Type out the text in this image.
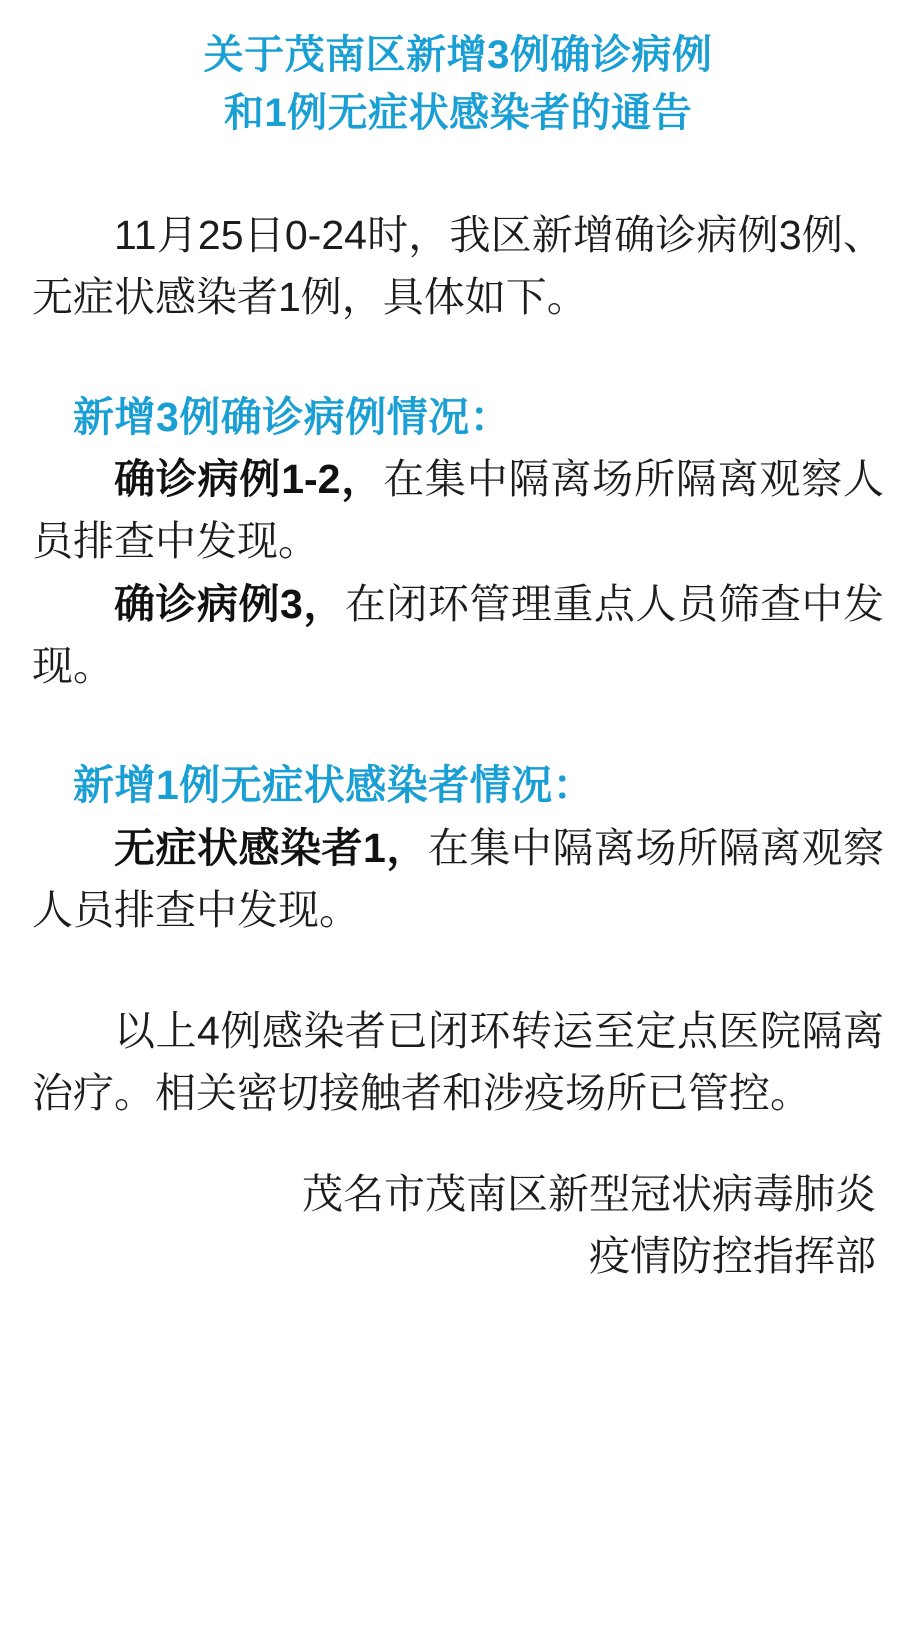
关于茂南区新增3例确诊病例
和1例无症状感染者的通告

11月25日0-24时，我区新增确诊病例3例、无症状感染者1例，具体如下。

新增3例确诊病例情况：

确诊病例1-2，在集中隔离场所隔离观察人员排查中发现。

确诊病例3，在闭环管理重点人员筛查中发现。

新增1例无症状感染者情况：

无症状感染者1，在集中隔离场所隔离观察人员排查中发现。

以上4例感染者已闭环转运至定点医院隔离治疗。相关密切接触者和涉疫场所已管控。

茂名市茂南区新型冠状病毒肺炎
疫情防控指挥部
